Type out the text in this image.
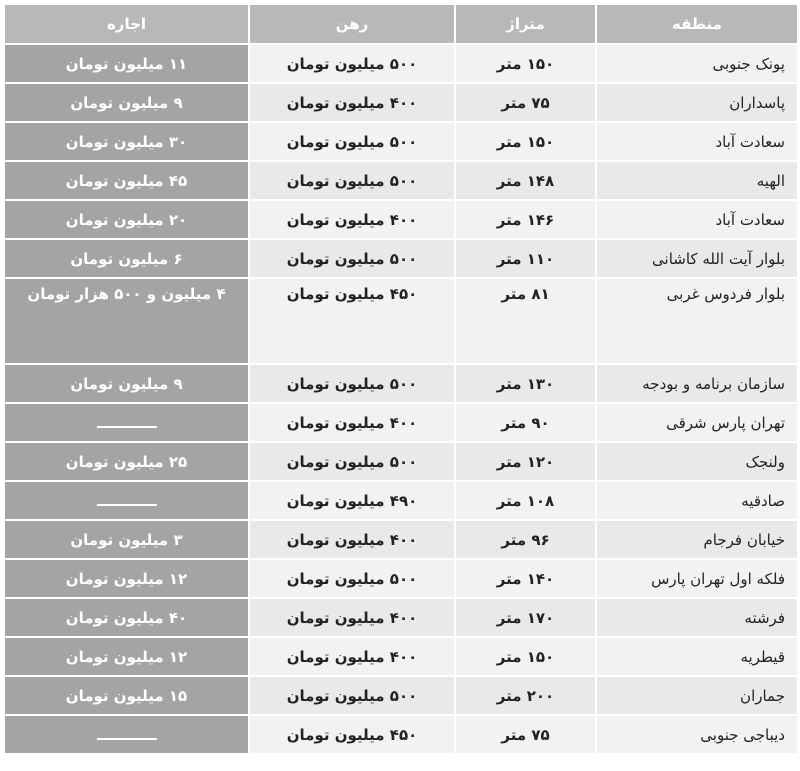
منطقه	متراژ	رهن	اجاره
پونک جنوبی	۱۵۰ متر	۵۰۰ میلیون تومان	۱۱ میلیون تومان
پاسداران	۷۵ متر	۴۰۰ میلیون تومان	۹ میلیون تومان
سعادت آباد	۱۵۰ متر	۵۰۰ میلیون تومان	۳۰ میلیون تومان
الهیه	۱۴۸ متر	۵۰۰ میلیون تومان	۴۵ میلیون تومان
سعادت آباد	۱۴۶ متر	۴۰۰ میلیون تومان	۲۰ میلیون تومان
بلوار آیت الله کاشانی	۱۱۰ متر	۵۰۰ میلیون تومان	۶ میلیون تومان
بلوار فردوس غربی	۸۱ متر	۴۵۰ میلیون تومان	۴ میلیون و ۵۰۰ هزار تومان
سازمان برنامه و بودجه	۱۳۰ متر	۵۰۰ میلیون تومان	۹ میلیون تومان
تهران پارس شرقی	۹۰ متر	۴۰۰ میلیون تومان	
ولنجک	۱۲۰ متر	۵۰۰ میلیون تومان	۲۵ میلیون تومان
صادقیه	۱۰۸ متر	۴۹۰ میلیون تومان	
خیابان فرجام	۹۶ متر	۴۰۰ میلیون تومان	۳ میلیون تومان
فلکه اول تهران پارس	۱۴۰ متر	۵۰۰ میلیون تومان	۱۲ میلیون تومان
فرشته	۱۷۰ متر	۴۰۰ میلیون تومان	۴۰ میلیون تومان
قیطریه	۱۵۰ متر	۴۰۰ میلیون تومان	۱۲ میلیون تومان
جماران	۲۰۰ متر	۵۰۰ میلیون تومان	۱۵ میلیون تومان
دیباجی جنوبی	۷۵ متر	۴۵۰ میلیون تومان	
